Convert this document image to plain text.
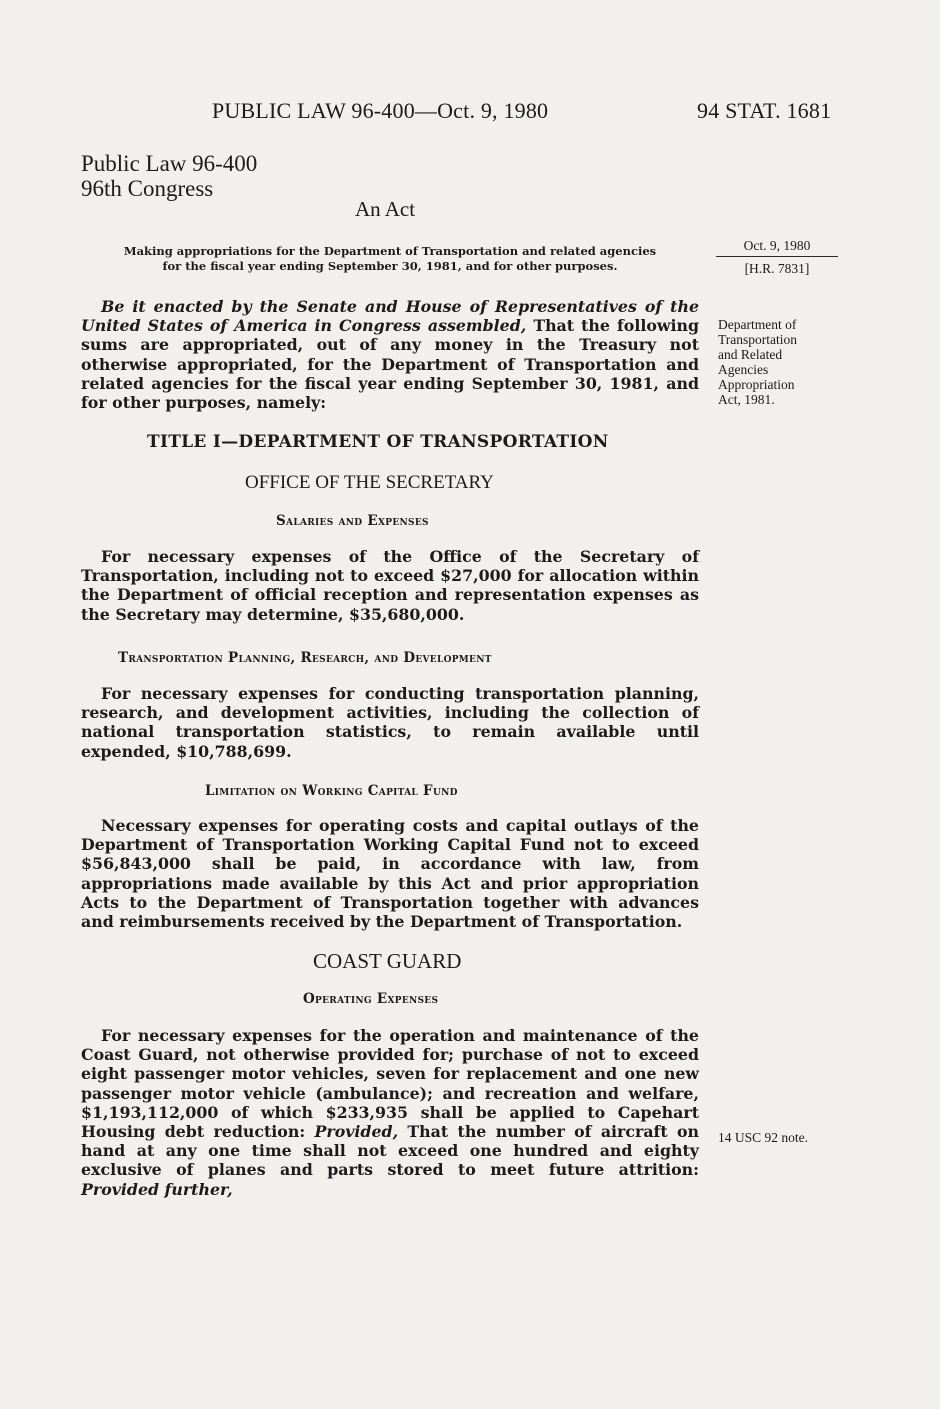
PUBLIC LAW 96-400—Oct. 9, 1980	94 STAT. 1681
Public Law 96-400
96th Congress
An Act
Making appropriations for the Department of Transportation and related agencies
for the fiscal year ending September 30, 1981, and for other purposes.
Oct. 9, 1980
[H.R. 7831]
Department of
Transportation
and Related
Agencies
Appropriation
Act, 1981.

Be it enacted by the Senate and House of Representatives of the United States of America in Congress assembled, That the following sums are appropriated, out of any money in the Treasury not otherwise appropriated, for the Department of Transportation and related agencies for the fiscal year ending September 30, 1981, and for other purposes, namely:

TITLE I—DEPARTMENT OF TRANSPORTATION
OFFICE OF THE SECRETARY
Salaries and Expenses

For necessary expenses of the Office of the Secretary of Transportation, including not to exceed $27,000 for allocation within the Department of official reception and representation expenses as the Secretary may determine, $35,680,000.

Transportation Planning, Research, and Development

For necessary expenses for conducting transportation planning, research, and development activities, including the collection of national transportation statistics, to remain available until expended, $10,788,699.

Limitation on Working Capital Fund

Necessary expenses for operating costs and capital outlays of the Department of Transportation Working Capital Fund not to exceed $56,843,000 shall be paid, in accordance with law, from appropriations made available by this Act and prior appropriation Acts to the Department of Transportation together with advances and reimbursements received by the Department of Transportation.

COAST GUARD
Operating Expenses

For necessary expenses for the operation and maintenance of the Coast Guard, not otherwise provided for; purchase of not to exceed eight passenger motor vehicles, seven for replacement and one new passenger motor vehicle (ambulance); and recreation and welfare, $1,193,112,000 of which $233,935 shall be applied to Capehart Housing debt reduction: Provided, That the number of aircraft on hand at any one time shall not exceed one hundred and eighty exclusive of planes and parts stored to meet future attrition: Provided further,

14 USC 92 note.
